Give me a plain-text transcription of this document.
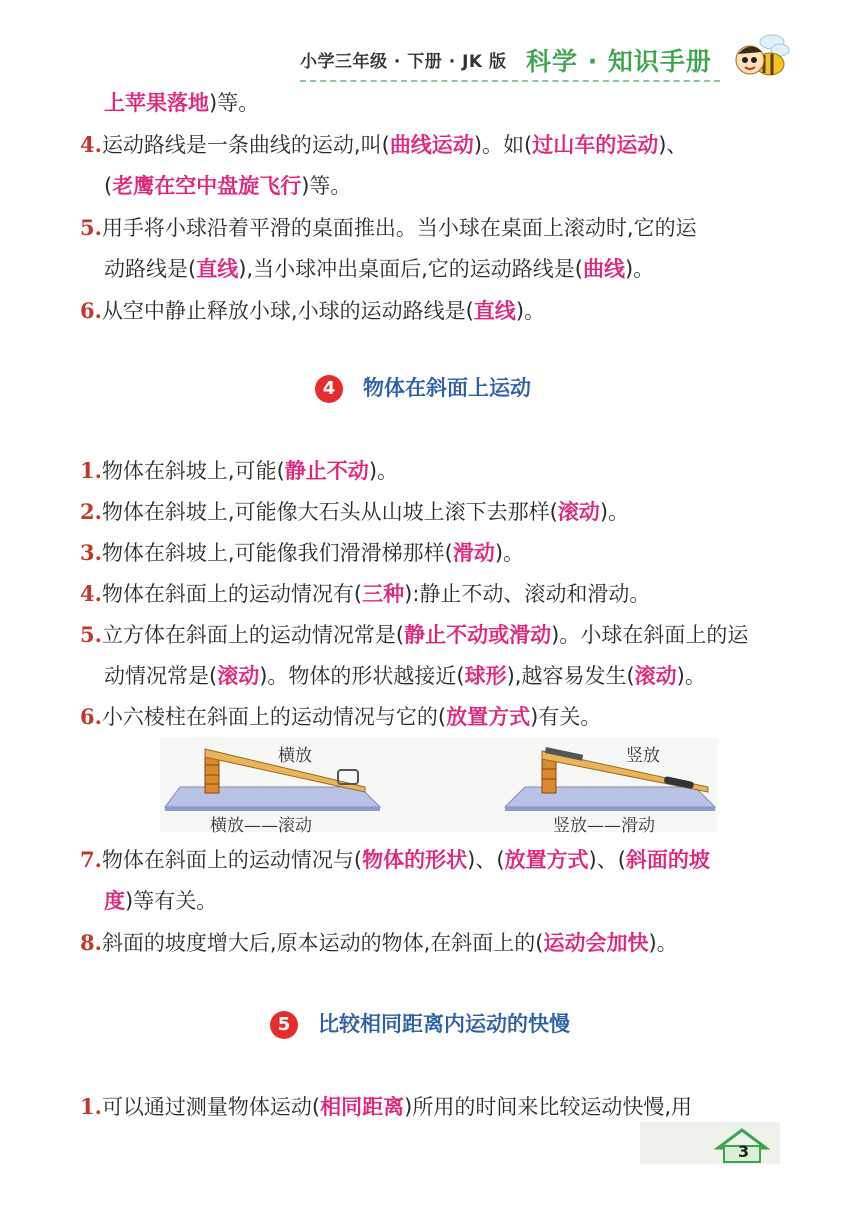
小学三年级 · 下册 · JK 版 科学 · 知识手册
上苹果落地)等。
4.运动路线是一条曲线的运动,叫(曲线运动)。如(过山车的运动)、
(老鹰在空中盘旋飞行)等。
5.用手将小球沿着平滑的桌面推出。当小球在桌面上滚动时,它的运
动路线是(直线),当小球冲出桌面后,它的运动路线是(曲线)。
6.从空中静止释放小球,小球的运动路线是(直线)。
1.物体在斜坡上,可能(静止不动)。
2.物体在斜坡上,可能像大石头从山坡上滚下去那样(滚动)。
3.物体在斜坡上,可能像我们滑滑梯那样(滑动)。
4.物体在斜面上的运动情况有(三种):静止不动、滚动和滑动。
5.立方体在斜面上的运动情况常是(静止不动或滑动)。小球在斜面上的运
动情况常是(滚动)。物体的形状越接近(球形),越容易发生(滚动)。
6.小六棱柱在斜面上的运动情况与它的(放置方式)有关。
7.物体在斜面上的运动情况与(物体的形状)、(放置方式)、(斜面的坡
度)等有关。
8.斜面的坡度增大后,原本运动的物体,在斜面上的(运动会加快)。
1.可以通过测量物体运动(相同距离)所用的时间来比较运动快慢,用
4 物体在斜面上运动
横放	竖放
横放——滚动	竖放——滑动
5 比较相同距离内运动的快慢
3
